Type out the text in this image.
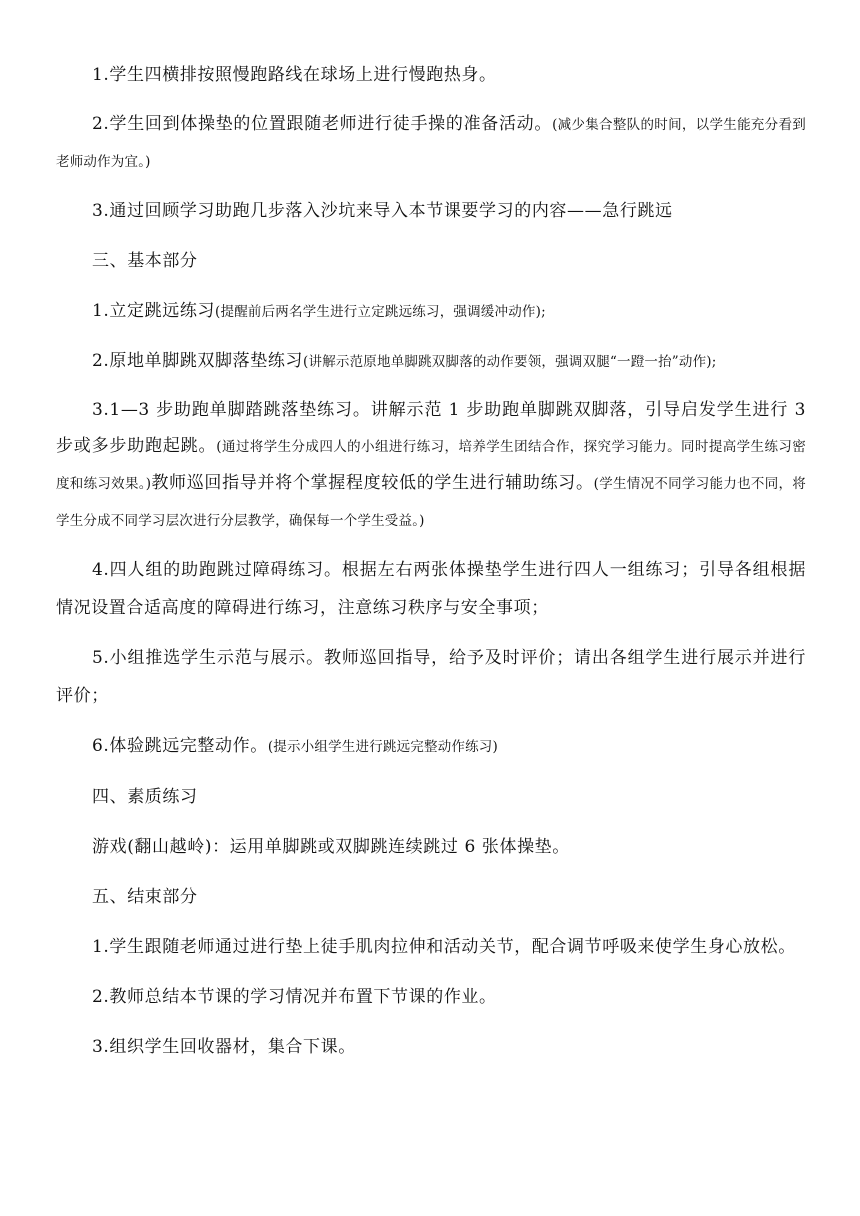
1.学生四横排按照慢跑路线在球场上进行慢跑热身。

2.学生回到体操垫的位置跟随老师进行徒手操的准备活动。(减少集合整队的时间，以学生能充分看到老师动作为宜。)

3.通过回顾学习助跑几步落入沙坑来导入本节课要学习的内容——急行跳远

三、基本部分

1.立定跳远练习(提醒前后两名学生进行立定跳远练习，强调缓冲动作);

2.原地单脚跳双脚落垫练习(讲解示范原地单脚跳双脚落的动作要领，强调双腿“一蹬一抬”动作);

3.1—3 步助跑单脚踏跳落垫练习。讲解示范 1 步助跑单脚跳双脚落，引导启发学生进行 3 步或多步助跑起跳。(通过将学生分成四人的小组进行练习，培养学生团结合作，探究学习能力。同时提高学生练习密度和练习效果。)教师巡回指导并将个掌握程度较低的学生进行辅助练习。(学生情况不同学习能力也不同，将学生分成不同学习层次进行分层教学，确保每一个学生受益。)

4.四人组的助跑跳过障碍练习。根据左右两张体操垫学生进行四人一组练习；引导各组根据情况设置合适高度的障碍进行练习，注意练习秩序与安全事项；

5.小组推选学生示范与展示。教师巡回指导，给予及时评价；请出各组学生进行展示并进行评价；

6.体验跳远完整动作。(提示小组学生进行跳远完整动作练习)

四、素质练习

游戏(翻山越岭)：运用单脚跳或双脚跳连续跳过 6 张体操垫。

五、结束部分

1.学生跟随老师通过进行垫上徒手肌肉拉伸和活动关节，配合调节呼吸来使学生身心放松。

2.教师总结本节课的学习情况并布置下节课的作业。

3.组织学生回收器材，集合下课。
